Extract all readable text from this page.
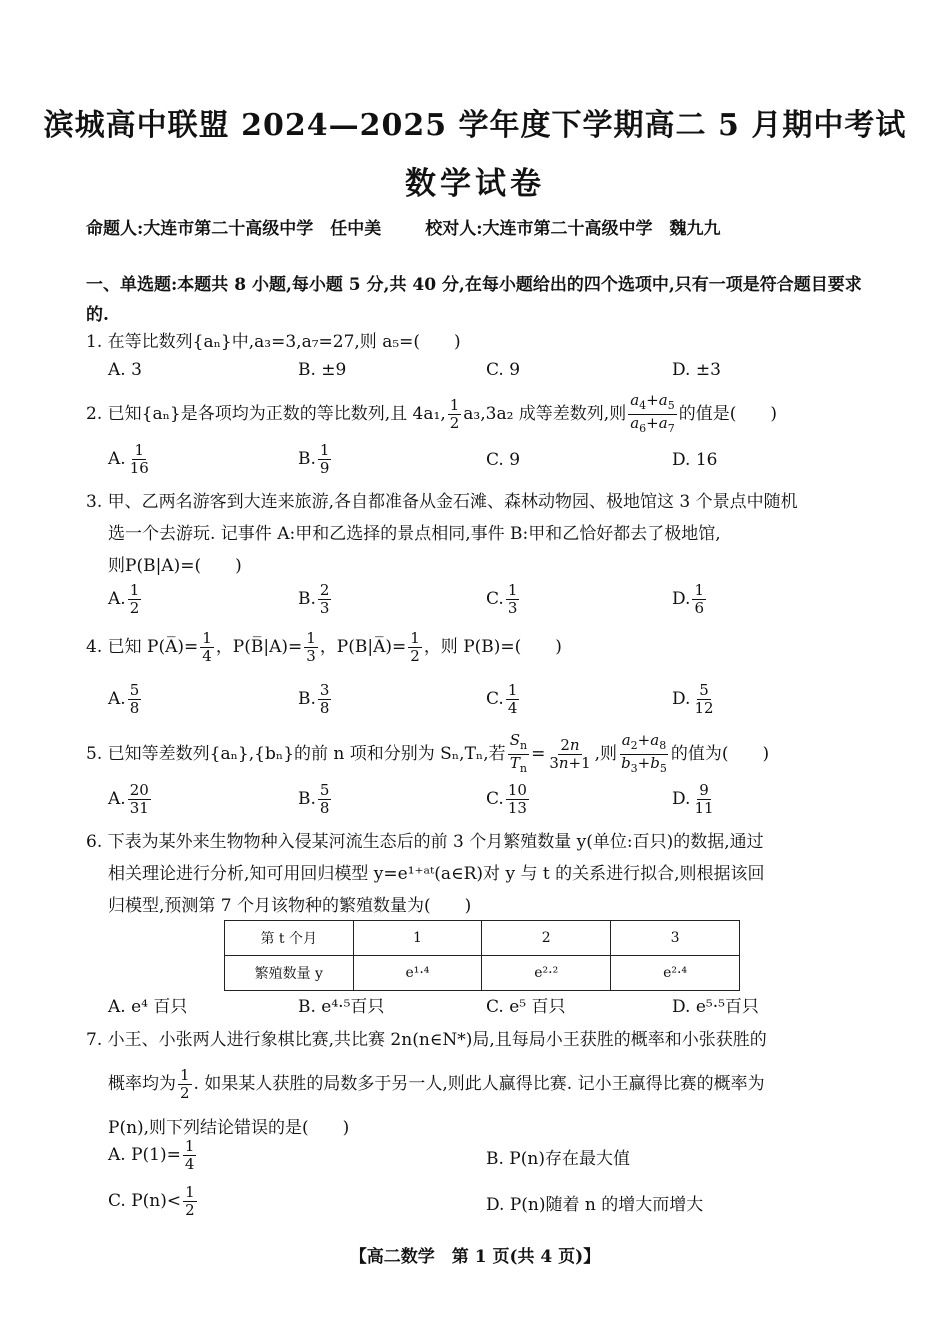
滨城高中联盟 2024—2025 学年度下学期高二 5 月期中考试
数学试卷
命题人:大连市第二十高级中学　任中美	校对人:大连市第二十高级中学　魏九九
一、单选题:本题共 8 小题,每小题 5 分,共 40 分,在每小题给出的四个选项中,只有一项是符合题目要求的.
1. 在等比数列{aₙ}中,a₃=3,a₇=27,则 a₅=(　　)
A. 3	B. ±9	C. 9	D. ±3
2. 已知{aₙ}是各项均为正数的等比数列,且 4a₁, $\frac{1}{2} a_3,3a_2$ 成等差数列,则 $\frac{a_4+a_5}{a_6+a_7}$ 的值是(　　)
A. $\frac{1}{16}$	B. $\frac{1}{9}$	C. 9	D. 16
3. 甲、乙两名游客到大连来旅游,各自都准备从金石滩、森林动物园、极地馆这 3 个景点中随机
选一个去游玩. 记事件 A:甲和乙选择的景点相同,事件 B:甲和乙恰好都去了极地馆,
则P(B|A)=(　　)
A. $\frac{1}{2}$	B. $\frac{2}{3}$	C. $\frac{1}{3}$	D. $\frac{1}{6}$
4. 已知 P(A̅)= $\frac{1}{4}$ ，P(B̅|A)= $\frac{1}{3}$ ，P(B|A̅)= $\frac{1}{2}$ ，则 P(B)=(　　)
A. $\frac{5}{8}$	B. $\frac{3}{8}$	C. $\frac{1}{4}$	D. $\frac{5}{12}$
5. 已知等差数列{aₙ},{bₙ}的前 n 项和分别为 Sₙ,Tₙ,若 $\frac{S_n}{T_n} = \frac{2n}{3n+1}$ ,则 $\frac{a_2+a_8}{b_3+b_5}$ 的值为(　　)
A. $\frac{20}{31}$	B. $\frac{5}{8}$	C. $\frac{10}{13}$	D. $\frac{9}{11}$
6. 下表为某外来生物物种入侵某河流生态后的前 3 个月繁殖数量 y(单位:百只)的数据,通过
相关理论进行分析,知可用回归模型 y=e¹⁺ᵃᵗ(a∈R)对 y 与 t 的关系进行拟合,则根据该回
归模型,预测第 7 个月该物种的繁殖数量为(　　)
第 t 个月	1	2	3
繁殖数量 y	e¹·⁴	e²·²	e²·⁴
A. e⁴ 百只	B. e⁴·⁵百只	C. e⁵ 百只	D. e⁵·⁵百只
7. 小王、小张两人进行象棋比赛,共比赛 2n(n∈N*)局,且每局小王获胜的概率和小张获胜的
概率均为 $\frac{1}{2}$ . 如果某人获胜的局数多于另一人,则此人赢得比赛. 记小王赢得比赛的概率为
P(n),则下列结论错误的是(　　)
A. $P(1)= \frac{1}{4}$	B. P(n)存在最大值
C. $P(n)< \frac{1}{2}$	D. P(n)随着 n 的增大而增大
【高二数学　第 1 页(共 4 页)】
